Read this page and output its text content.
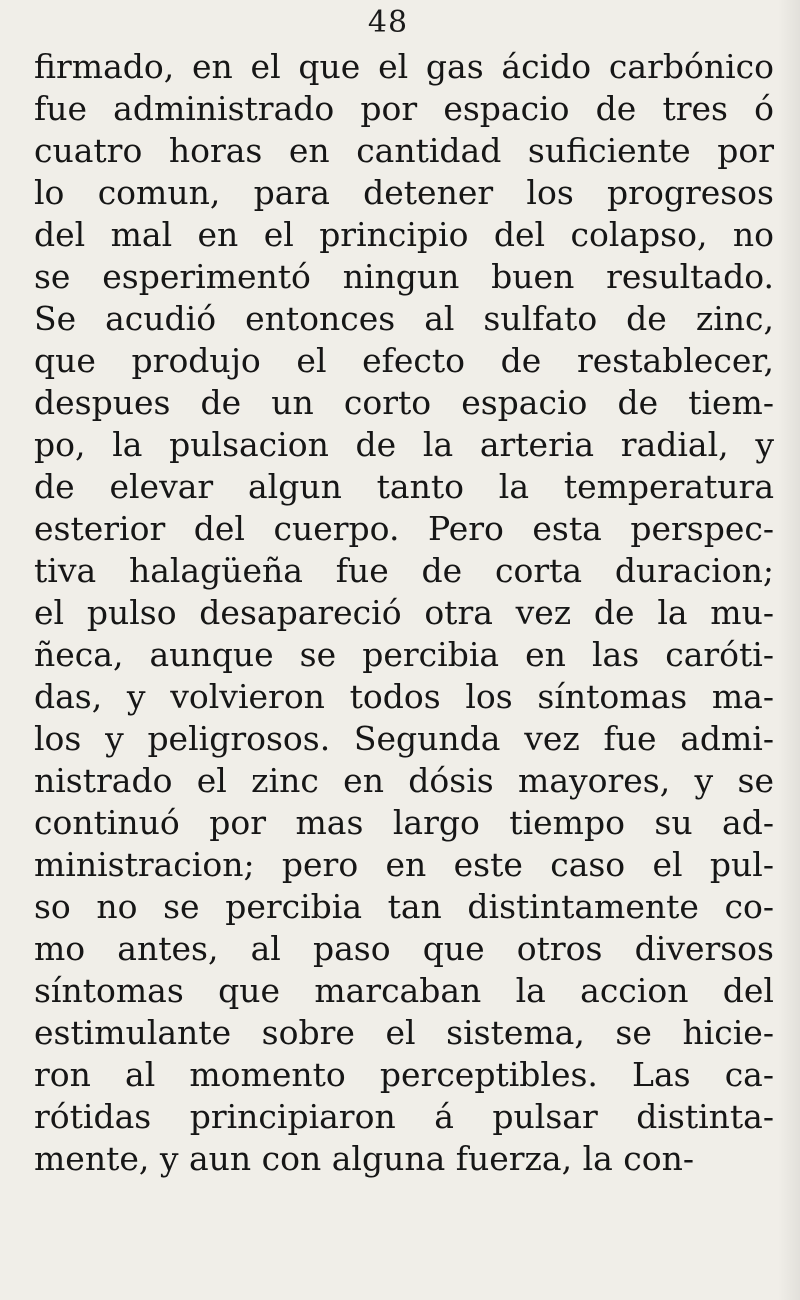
48
firmado, en el que el gas ácido carbónico
fue administrado por espacio de tres ó
cuatro horas en cantidad suficiente por
lo comun, para detener los progresos
del mal en el principio del colapso, no
se esperimentó ningun buen resultado.
Se acudió entonces al sulfato de zinc,
que produjo el efecto de restablecer,
despues de un corto espacio de tiem-
po, la pulsacion de la arteria radial, y
de elevar algun tanto la temperatura
esterior del cuerpo. Pero esta perspec-
tiva halagüeña fue de corta duracion;
el pulso desapareció otra vez de la mu-
ñeca, aunque se percibia en las caróti-
das, y volvieron todos los síntomas ma-
los y peligrosos. Segunda vez fue admi-
nistrado el zinc en dósis mayores, y se
continuó por mas largo tiempo su ad-
ministracion; pero en este caso el pul-
so no se percibia tan distintamente co-
mo antes, al paso que otros diversos
síntomas que marcaban la accion del
estimulante sobre el sistema, se hicie-
ron al momento perceptibles. Las ca-
rótidas principiaron á pulsar distinta-
mente, y aun con alguna fuerza, la con-
